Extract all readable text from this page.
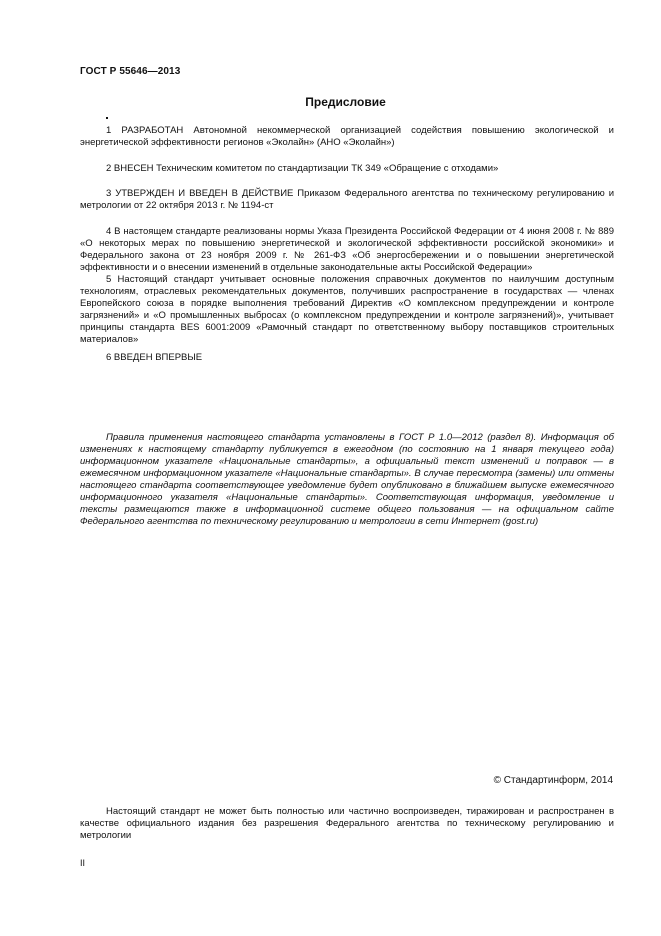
ГОСТ Р 55646—2013
Предисловие

1 РАЗРАБОТАН Автономной некоммерческой организацией содействия повышению экологической и энергетической эффективности регионов «Эколайн» (АНО «Эколайн»)

2 ВНЕСЕН Техническим комитетом по стандартизации ТК 349 «Обращение с отходами»

3 УТВЕРЖДЕН И ВВЕДЕН В ДЕЙСТВИЕ Приказом Федерального агентства по техническому регулированию и метрологии от 22 октября 2013 г. № 1194-ст

4 В настоящем стандарте реализованы нормы Указа Президента Российской Федерации от 4 июня 2008 г. № 889 «О некоторых мерах по повышению энергетической и экологической эффективности российской экономики» и Федерального закона от 23 ноября 2009 г. № 261-ФЗ «Об энергосбережении и о повышении энергетической эффективности и о внесении изменений в отдельные законодательные акты Российской Федерации»

5 Настоящий стандарт учитывает основные положения справочных документов по наилучшим доступным технологиям, отраслевых рекомендательных документов, получивших распространение в государствах — членах Европейского союза в порядке выполнения требований Директив «О комплексном предупреждении и контроле загрязнений» и «О промышленных выбросах (о комплексном предупреждении и контроле загрязнений)», учитывает принципы стандарта BES 6001:2009 «Рамочный стандарт по ответственному выбору поставщиков строительных материалов»

6 ВВЕДЕН ВПЕРВЫЕ

Правила применения настоящего стандарта установлены в ГОСТ Р 1.0—2012 (раздел 8). Информация об изменениях к настоящему стандарту публикуется в ежегодном (по состоянию на 1 января текущего года) информационном указателе «Национальные стандарты», а официальный текст изменений и поправок — в ежемесячном информационном указателе «Национальные стандарты». В случае пересмотра (замены) или отмены настоящего стандарта соответствующее уведомление будет опубликовано в ближайшем выпуске ежемесячного информационного указателя «Национальные стандарты». Соответствующая информация, уведомление и тексты размещаются также в информационной системе общего пользования — на официальном сайте Федерального агентства по техническому регулированию и метрологии в сети Интернет (gost.ru)

© Стандартинформ, 2014

Настоящий стандарт не может быть полностью или частично воспроизведен, тиражирован и распространен в качестве официального издания без разрешения Федерального агентства по техническому регулированию и метрологии

II
